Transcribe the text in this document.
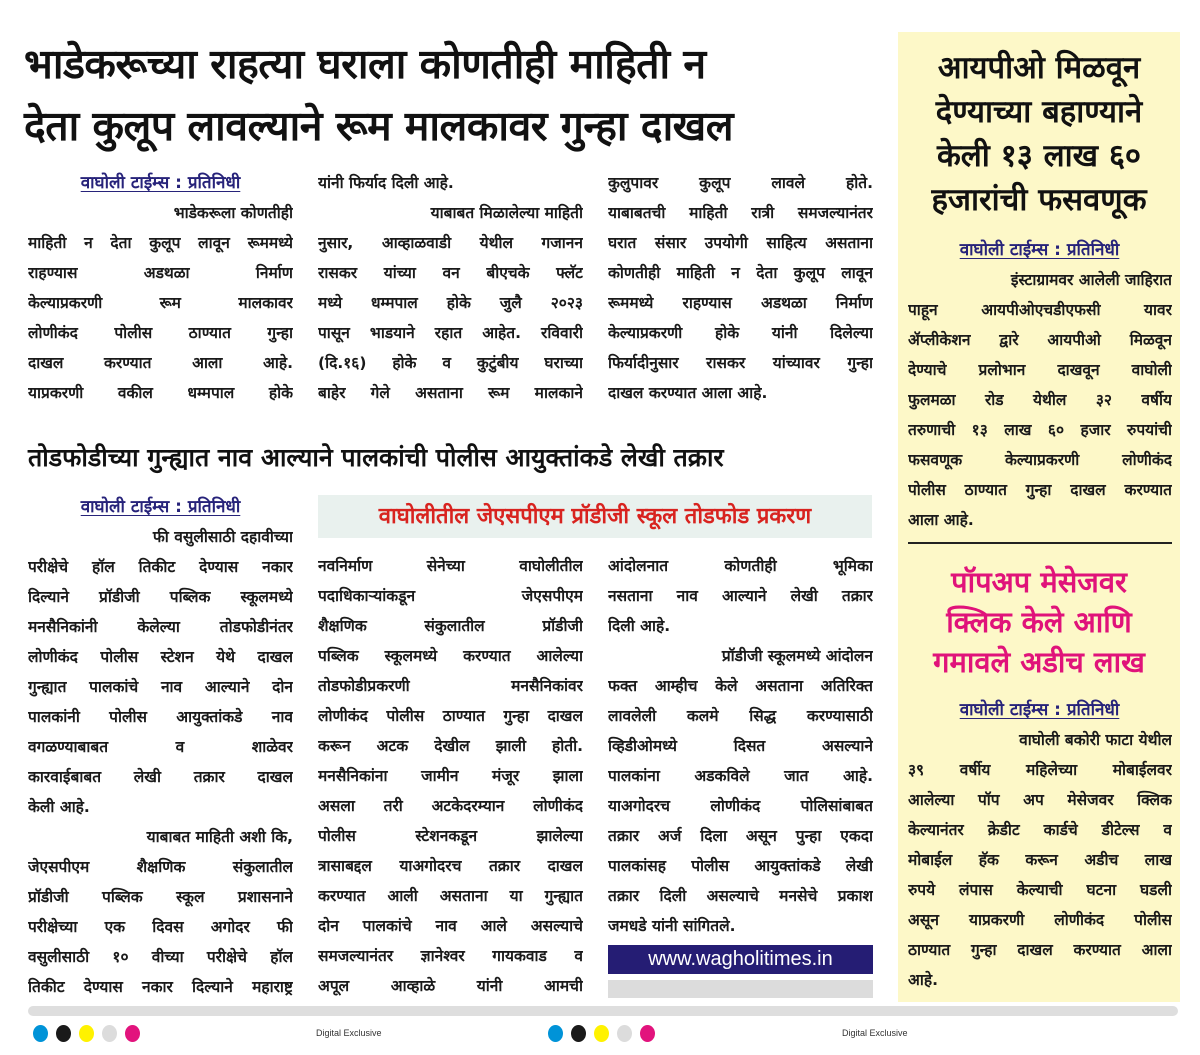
भाडेकरूच्या राहत्या घराला कोणतीही माहिती न
देता कुलूप लावल्याने रूम मालकावर गुन्हा दाखल
वाघोली टाईम्स : प्रतिनिधी
तोडफोडीच्या गुन्ह्यात नाव आल्याने पालकांची पोलीस आयुक्तांकडे लेखी तक्रार
वाघोली टाईम्स : प्रतिनिधी	वाघोलीतील जेएसपीएम प्रॉडीजी स्कूल तोडफोड प्रकरण
www.wagholitimes.in
आयपीओ मिळवून
देण्याच्या बहाण्याने
केली १३ लाख ६०
हजारांची फसवणूक
वाघोली टाईम्स : प्रतिनिधी
पॉपअप मेसेजवर
क्लिक केले आणि
गमावले अडीच लाख
वाघोली टाईम्स : प्रतिनिधी
भाडेकरूला कोणतीही
माहिती न देता कुलूप लावून रूममध्ये
राहण्यास अडथळा निर्माण
केल्याप्रकरणी रूम मालकावर
लोणीकंद पोलीस ठाण्यात गुन्हा
दाखल करण्यात आला आहे.
याप्रकरणी वकील धम्मपाल होके
यांनी फिर्याद दिली आहे.
याबाबत मिळालेल्या माहिती
नुसार, आव्हाळवाडी येथील गजानन
रासकर यांच्या वन बीएचके फ्लॅट
मध्ये धम्मपाल होके जुलै २०२३
पासून भाडयाने रहात आहेत. रविवारी
(दि.१६) होके व कुटुंबीय घराच्या
बाहेर गेले असताना रूम मालकाने
कुलुपावर कुलूप लावले होते.
याबाबतची माहिती रात्री समजल्यानंतर
घरात संसार उपयोगी साहित्य असताना
कोणतीही माहिती न देता कुलूप लावून
रूममध्ये राहण्यास अडथळा निर्माण
केल्याप्रकरणी होके यांनी दिलेल्या
फिर्यादीनुसार रासकर यांच्यावर गुन्हा
दाखल करण्यात आला आहे.
फी वसुलीसाठी दहावीच्या
परीक्षेचे हॉल तिकीट देण्यास नकार
दिल्याने प्रॉडीजी पब्लिक स्कूलमध्ये
मनसैनिकांनी केलेल्या तोडफोडीनंतर
लोणीकंद पोलीस स्टेशन येथे दाखल
गुन्ह्यात पालकांचे नाव आल्याने दोन
पालकांनी पोलीस आयुक्तांकडे नाव
वगळण्याबाबत व शाळेवर
कारवाईबाबत लेखी तक्रार दाखल
केली आहे.
याबाबत माहिती अशी कि,
जेएसपीएम शैक्षणिक संकुलातील
प्रॉडीजी पब्लिक स्कूल प्रशासनाने
परीक्षेच्या एक दिवस अगोदर फी
वसुलीसाठी १० वीच्या परीक्षेचे हॉल
तिकीट देण्यास नकार दिल्याने महाराष्ट्र
नवनिर्माण सेनेच्या वाघोलीतील
पदाधिकाऱ्यांकडून जेएसपीएम
शैक्षणिक संकुलातील प्रॉडीजी
पब्लिक स्कूलमध्ये करण्यात आलेल्या
तोडफोडीप्रकरणी मनसैनिकांवर
लोणीकंद पोलीस ठाण्यात गुन्हा दाखल
करून अटक देखील झाली होती.
मनसैनिकांना जामीन मंजूर झाला
असला तरी अटकेदरम्यान लोणीकंद
पोलीस स्टेशनकडून झालेल्या
त्रासाबद्दल याअगोदरच तक्रार दाखल
करण्यात आली असताना या गुन्ह्यात
दोन पालकांचे नाव आले असल्याचे
समजल्यानंतर ज्ञानेश्वर गायकवाड व
अपूल आव्हाळे यांनी आमची
आंदोलनात कोणतीही भूमिका
नसताना नाव आल्याने लेखी तक्रार
दिली आहे.
प्रॉडीजी स्कूलमध्ये आंदोलन
फक्त आम्हीच केले असताना अतिरिक्त
लावलेली कलमे सिद्ध करण्यासाठी
व्हिडीओमध्ये दिसत असल्याने
पालकांना अडकविले जात आहे.
याअगोदरच लोणीकंद पोलिसांबाबत
तक्रार अर्ज दिला असून पुन्हा एकदा
पालकांसह पोलीस आयुक्तांकडे लेखी
तक्रार दिली असल्याचे मनसेचे प्रकाश
जमधडे यांनी सांगितले.
इंस्टाग्रामवर आलेली जाहिरात
पाहून आयपीओएचडीएफसी यावर
ॲप्लीकेशन द्वारे आयपीओ मिळवून
देण्याचे प्रलोभान दाखवून वाघोली
फुलमळा रोड येथील ३२ वर्षीय
तरुणाची १३ लाख ६० हजार रुपयांची
फसवणूक केल्याप्रकरणी लोणीकंद
पोलीस ठाण्यात गुन्हा दाखल करण्यात
आला आहे.
वाघोली बकोरी फाटा येथील
३९ वर्षीय महिलेच्या मोबाईलवर
आलेल्या पॉप अप मेसेजवर क्लिक
केल्यानंतर क्रेडीट कार्डचे डीटेल्स व
मोबाईल हॅक करून अडीच लाख
रुपये लंपास केल्याची घटना घडली
असून याप्रकरणी लोणीकंद पोलीस
ठाण्यात गुन्हा दाखल करण्यात आला
आहे.
Digital Exclusive	Digital Exclusive
